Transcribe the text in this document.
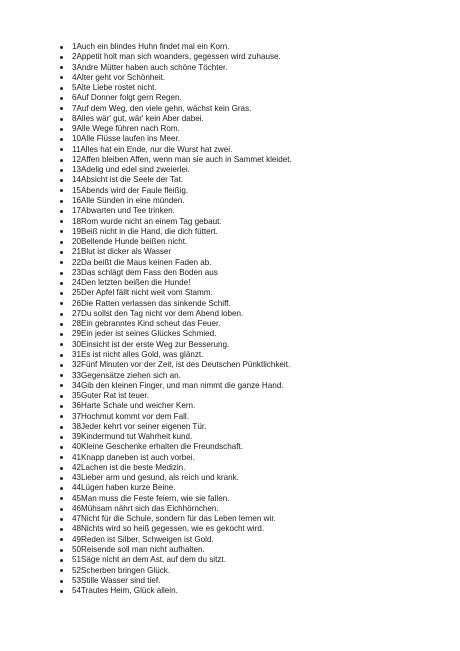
1Auch ein blindes Huhn findet mal ein Korn.
2Appetit holt man sich woanders, gegessen wird zuhause.
3Andre Mütter haben auch schöne Töchter.
4Alter geht vor Schönheit.
5Alte Liebe rostet nicht.
6Auf Donner folgt gern Regen.
7Auf dem Weg, den viele gehn, wächst kein Gras.
8Alles wär' gut, wär' kein Aber dabei.
9Alle Wege führen nach Rom.
10Alle Flüsse laufen ins Meer.
11Alles hat ein Ende, nur die Wurst hat zwei.
12Affen bleiben Affen, wenn man sie auch in Sammet kleidet.
13Adelig und edel sind zweierlei.
14Absicht ist die Seele der Tat.
15Abends wird der Faule fleißig.
16Alle Sünden in eine münden.
17Abwarten und Tee trinken.
18Rom wurde nicht an einem Tag gebaut.
19Beiß nicht in die Hand, die dich füttert.
20Bellende Hunde beißen nicht.
21Blut ist dicker als Wasser
22Da beißt die Maus keinen Faden ab.
23Das schlägt dem Fass den Boden aus
24Den letzten beißen die Hunde!
25Der Apfel fällt nicht weit vom Stamm.
26Die Ratten verlassen das sinkende Schiff.
27Du sollst den Tag nicht vor dem Abend loben.
28Ein gebranntes Kind scheut das Feuer.
29Ein jeder ist seines Glückes Schmied.
30Einsicht ist der erste Weg zur Besserung.
31Es ist nicht alles Gold, was glänzt.
32Fünf Minuten vor der Zeit, ist des Deutschen Pünktlichkeit.
33Gegensätze ziehen sich an.
34Gib den kleinen Finger, und man nimmt die ganze Hand.
35Guter Rat ist teuer.
36Harte Schale und weicher Kern.
37Hochmut kommt vor dem Fall.
38Jeder kehrt vor seiner eigenen Tür.
39Kindermund tut Wahrheit kund.
40Kleine Geschenke erhalten die Freundschaft.
41Knapp daneben ist auch vorbei.
42Lachen ist die beste Medizin.
43Lieber arm und gesund, als reich und krank.
44Lügen haben kurze Beine.
45Man muss die Feste feiern, wie sie fallen.
46Mühsam nährt sich das Eichhörnchen.
47Nicht für die Schule, sondern für das Leben lernen wir.
48Nichts wird so heiß gegessen, wie es gekocht wird.
49Reden ist Silber, Schweigen ist Gold.
50Reisende soll man nicht aufhalten.
51Säge nicht an dem Ast, auf dem du sitzt.
52Scherben bringen Glück.
53Stille Wasser sind tief.
54Trautes Heim, Glück allein.
